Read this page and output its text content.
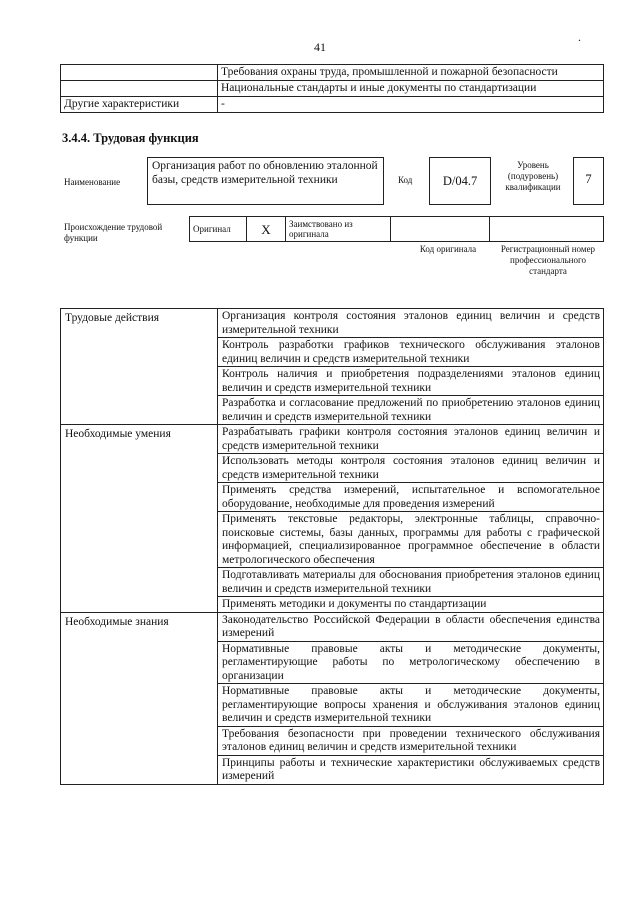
41
.
	Требования охраны труда, промышленной и пожарной безопасности
	Национальные стандарты и иные документы по стандартизации
Другие характеристики	-
3.4.4. Трудовая функция
Наименование
Организация работ по обновлению эталонной базы, средств измерительной техники	Код	D/04.7
Уровень (подуровень) квалификации
7
Происхождение трудовой функции
Оригинал	X	Заимствовано из оригинала		
Код оригинала	Регистрационный номер профессионального стандарта
Трудовые действия	Организация контроля состояния эталонов единиц величин и средств измерительной техники
	Контроль разработки графиков технического обслуживания эталонов единиц величин и средств измерительной техники
	Контроль наличия и приобретения подразделениями эталонов единиц величин и средств измерительной техники
	Разработка и согласование предложений по приобретению эталонов единиц величин и средств измерительной техники
Необходимые умения	Разрабатывать графики контроля состояния эталонов единиц величин и средств измерительной техники
	Использовать методы контроля состояния эталонов единиц величин и средств измерительной техники
	Применять средства измерений, испытательное и вспомогательное оборудование, необходимые для проведения измерений
	Применять текстовые редакторы, электронные таблицы, справочно-поисковые системы, базы данных, программы для работы с графической информацией, специализированное программное обеспечение в области метрологического обеспечения
	Подготавливать материалы для обоснования приобретения эталонов единиц величин и средств измерительной техники
	Применять методики и документы по стандартизации
Необходимые знания	Законодательство Российской Федерации в области обеспечения единства измерений
	Нормативные правовые акты и методические документы, регламентирующие работы по метрологическому обеспечению в организации
	Нормативные правовые акты и методические документы, регламентирующие вопросы хранения и обслуживания эталонов единиц величин и средств измерительной техники
	Требования безопасности при проведении технического обслуживания эталонов единиц величин и средств измерительной техники
	Принципы работы и технические характеристики обслуживаемых средств измерений
